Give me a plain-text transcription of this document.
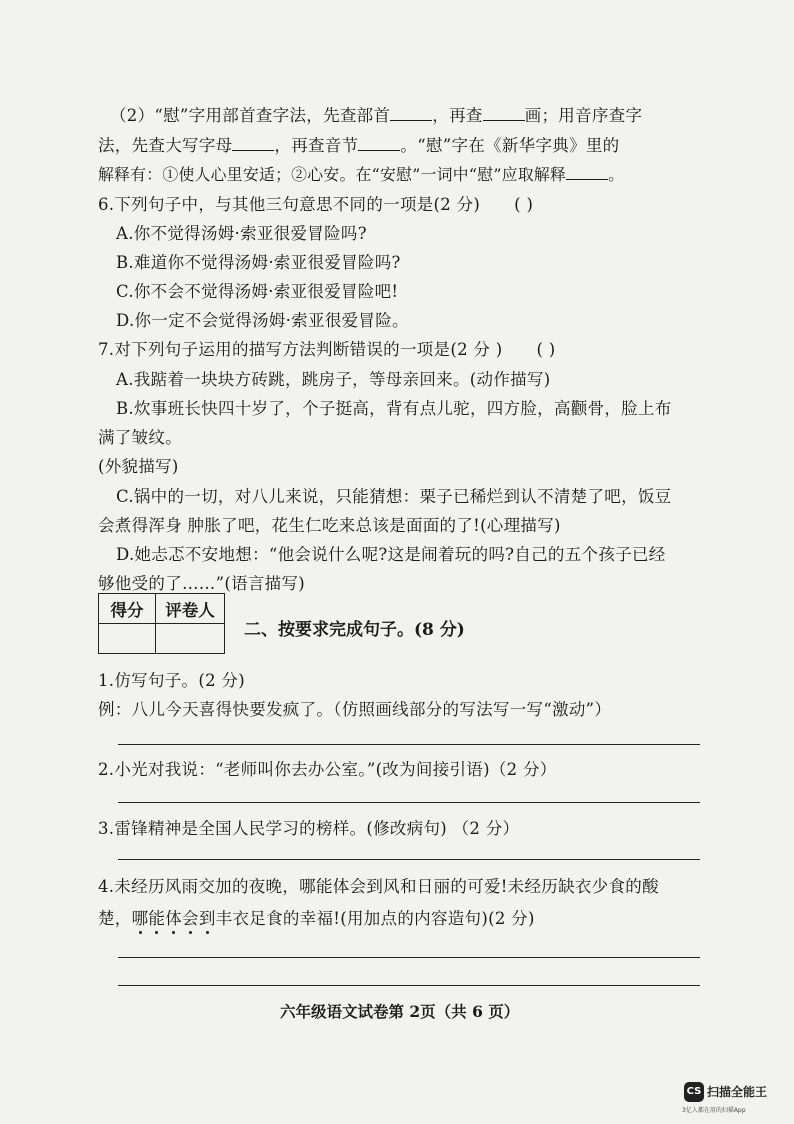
（2）“慰”字用部首查字法，先查部首	，再查	画；用音序查字
法，先查大写字母	，再查音节	。“慰”字在《新华字典》里的
解释有：①使人心里安适；②心安。在“安慰”一词中“慰”应取解释	。
6.下列句子中，与其他三句意思不同的一项是(2 分) ( )
A.你不觉得汤姆·索亚很爱冒险吗?
B.难道你不觉得汤姆·索亚很爱冒险吗?
C.你不会不觉得汤姆·索亚很爱冒险吧!
D.你一定不会觉得汤姆·索亚很爱冒险。
7.对下列句子运用的描写方法判断错误的一项是(2 分 ) ( )
A.我踮着一块块方砖跳，跳房子，等母亲回来。(动作描写)
B.炊事班长快四十岁了，个子挺高，背有点儿驼，四方脸，高颧骨，脸上布
满了皱纹。
(外貌描写)
C.锅中的一切，对八儿来说，只能猜想：栗子已稀烂到认不清楚了吧，饭豆
会煮得浑身 肿胀了吧，花生仁吃来总该是面面的了!(心理描写)
D.她忐忑不安地想：“他会说什么呢?这是闹着玩的吗?自己的五个孩子已经
够他受的了……”(语言描写)
得分	评卷人

二、按要求完成句子。(8 分)
1.仿写句子。(2 分)
例：八儿今天喜得快要发疯了。（仿照画线部分的写法写一写“激动”）
2.小光对我说：“老师叫你去办公室。”(改为间接引语)（2 分）
3.雷锋精神是全国人民学习的榜样。(修改病句) （2 分）
4.未经历风雨交加的夜晚，哪能体会到风和日丽的可爱!未经历缺衣少食的酸
楚，哪能体会到丰衣足食的幸福!(用加点的内容造句)(2 分)
六年级语文试卷第 2页（共 6 页）
CS 扫描全能王
3亿人都在用的扫描App
